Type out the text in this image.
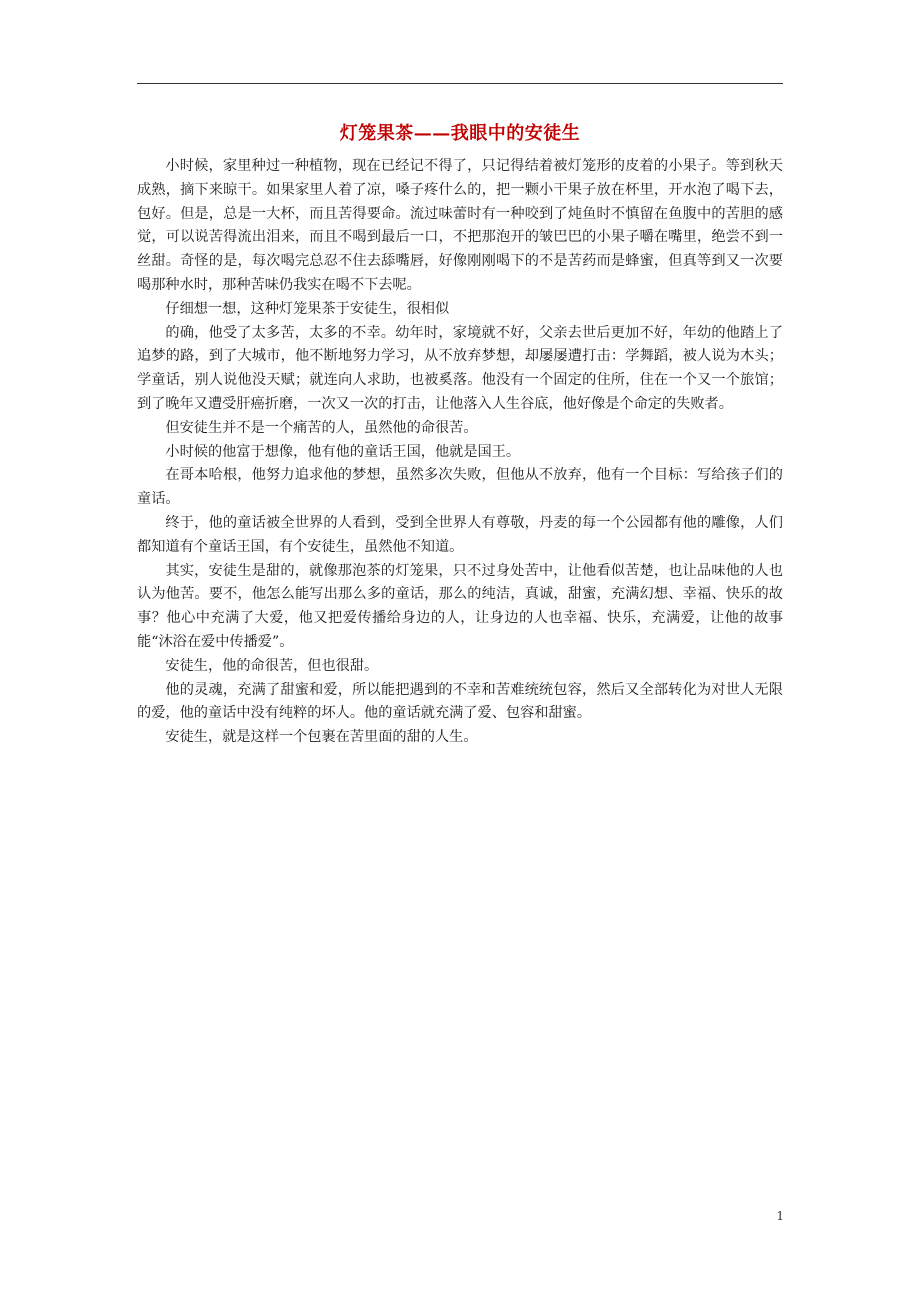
灯笼果茶——我眼中的安徒生

小时候，家里种过一种植物，现在已经记不得了，只记得结着被灯笼形的皮着的小果子。等到秋天成熟，摘下来晾干。如果家里人着了凉，嗓子疼什么的，把一颗小干果子放在杯里，开水泡了喝下去，包好。但是，总是一大杯，而且苦得要命。流过味蕾时有一种咬到了炖鱼时不慎留在鱼腹中的苦胆的感觉，可以说苦得流出泪来，而且不喝到最后一口，不把那泡开的皱巴巴的小果子嚼在嘴里，绝尝不到一丝甜。奇怪的是，每次喝完总忍不住去舔嘴唇，好像刚刚喝下的不是苦药而是蜂蜜，但真等到又一次要喝那种水时，那种苦味仍我实在喝不下去呢。

仔细想一想，这种灯笼果茶于安徒生，很相似

的确，他受了太多苦，太多的不幸。幼年时，家境就不好，父亲去世后更加不好，年幼的他踏上了追梦的路，到了大城市，他不断地努力学习，从不放弃梦想，却屡屡遭打击：学舞蹈，被人说为木头；学童话，别人说他没天赋；就连向人求助，也被奚落。他没有一个固定的住所，住在一个又一个旅馆；到了晚年又遭受肝癌折磨，一次又一次的打击，让他落入人生谷底，他好像是个命定的失败者。

但安徒生并不是一个痛苦的人，虽然他的命很苦。

小时候的他富于想像，他有他的童话王国，他就是国王。

在哥本哈根，他努力追求他的梦想，虽然多次失败，但他从不放弃，他有一个目标：写给孩子们的童话。

终于，他的童话被全世界的人看到，受到全世界人有尊敬，丹麦的每一个公园都有他的雕像，人们都知道有个童话王国，有个安徒生，虽然他不知道。

其实，安徒生是甜的，就像那泡茶的灯笼果，只不过身处苦中，让他看似苦楚，也让品味他的人也认为他苦。要不，他怎么能写出那么多的童话，那么的纯洁，真诚，甜蜜，充满幻想、幸福、快乐的故事？他心中充满了大爱，他又把爱传播给身边的人，让身边的人也幸福、快乐，充满爱，让他的故事能“沐浴在爱中传播爱”。

安徒生，他的命很苦，但也很甜。

他的灵魂，充满了甜蜜和爱，所以能把遇到的不幸和苦难统统包容，然后又全部转化为对世人无限的爱，他的童话中没有纯粹的坏人。他的童话就充满了爱、包容和甜蜜。

安徒生，就是这样一个包裹在苦里面的甜的人生。

1
